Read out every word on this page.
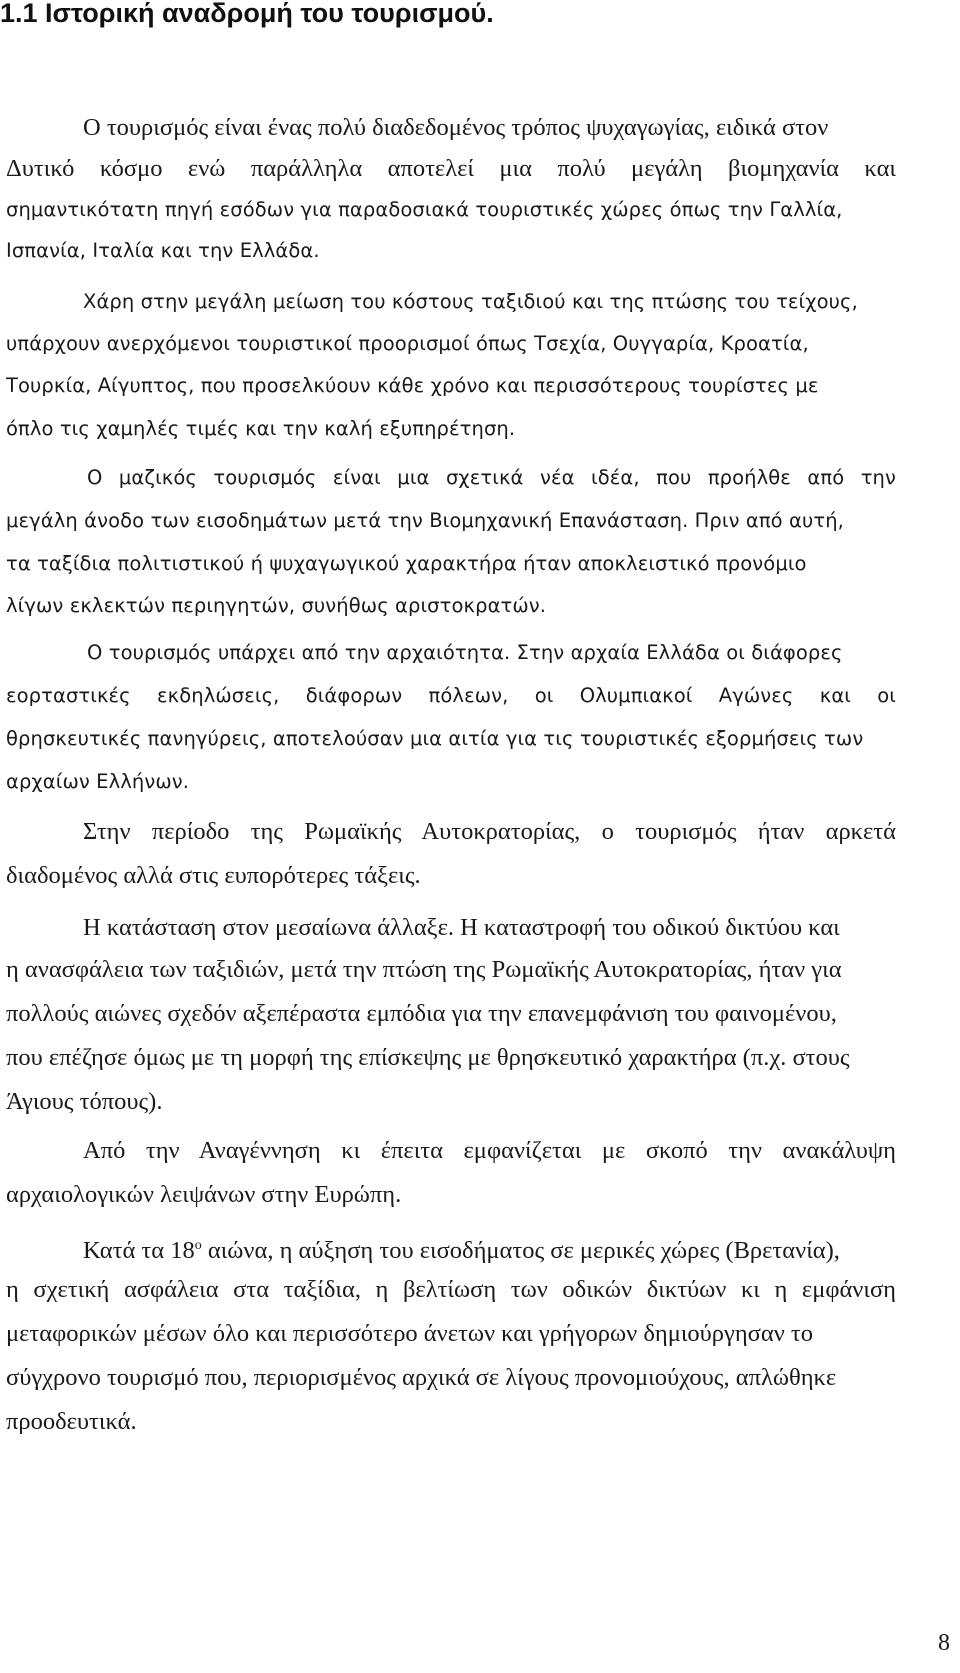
1.1 Ιστορική αναδρομή του τουρισμού.

Ο τουρισμός είναι ένας πολύ διαδεδομένος τρόπος ψυχαγωγίας, ειδικά στον

Δυτικό κόσμο ενώ παράλληλα αποτελεί μια πολύ μεγάλη βιομηχανία και

σημαντικότατη πηγή εσόδων για παραδοσιακά τουριστικές χώρες όπως την Γαλλία,

Ισπανία, Ιταλία και την Ελλάδα.

Χάρη στην μεγάλη μείωση του κόστους ταξιδιού και της πτώσης του τείχους,

υπάρχουν ανερχόμενοι τουριστικοί προορισμοί όπως Τσεχία, Ουγγαρία, Κροατία,

Τουρκία, Αίγυπτος, που προσελκύουν κάθε χρόνο και περισσότερους τουρίστες με

όπλο τις χαμηλές τιμές και την καλή εξυπηρέτηση.

Ο μαζικός τουρισμός είναι μια σχετικά νέα ιδέα, που προήλθε από την

μεγάλη άνοδο των εισοδημάτων μετά την Βιομηχανική Επανάσταση. Πριν από αυτή,

τα ταξίδια πολιτιστικού ή ψυχαγωγικού χαρακτήρα ήταν αποκλειστικό προνόμιο

λίγων εκλεκτών περιηγητών, συνήθως αριστοκρατών.

Ο τουρισμός υπάρχει από την αρχαιότητα. Στην αρχαία Ελλάδα οι διάφορες

εορταστικές εκδηλώσεις, διάφορων πόλεων, οι Ολυμπιακοί Αγώνες και οι

θρησκευτικές πανηγύρεις, αποτελούσαν μια αιτία για τις τουριστικές εξορμήσεις των

αρχαίων Ελλήνων.

Στην περίοδο της Ρωμαϊκής Αυτοκρατορίας, ο τουρισμός ήταν αρκετά

διαδομένος αλλά στις ευπορότερες τάξεις.

Η κατάσταση στον μεσαίωνα άλλαξε. Η καταστροφή του οδικού δικτύου και

η ανασφάλεια των ταξιδιών, μετά την πτώση της Ρωμαϊκής Αυτοκρατορίας, ήταν για

πολλούς αιώνες σχεδόν αξεπέραστα εμπόδια για την επανεμφάνιση του φαινομένου,

που επέζησε όμως με τη μορφή της επίσκεψης με θρησκευτικό χαρακτήρα (π.χ. στους

Άγιους τόπους).

Από την Αναγέννηση κι έπειτα εμφανίζεται με σκοπό την ανακάλυψη

αρχαιολογικών λειψάνων στην Ευρώπη.

Κατά τα $18^o$ αιώνα, η αύξηση του εισοδήματος σε μερικές χώρες (Βρετανία),

η σχετική ασφάλεια στα ταξίδια, η βελτίωση των οδικών δικτύων κι η εμφάνιση

μεταφορικών μέσων όλο και περισσότερο άνετων και γρήγορων δημιούργησαν το

σύγχρονο τουρισμό που, περιορισμένος αρχικά σε λίγους προνομιούχους, απλώθηκε

προοδευτικά.

8
